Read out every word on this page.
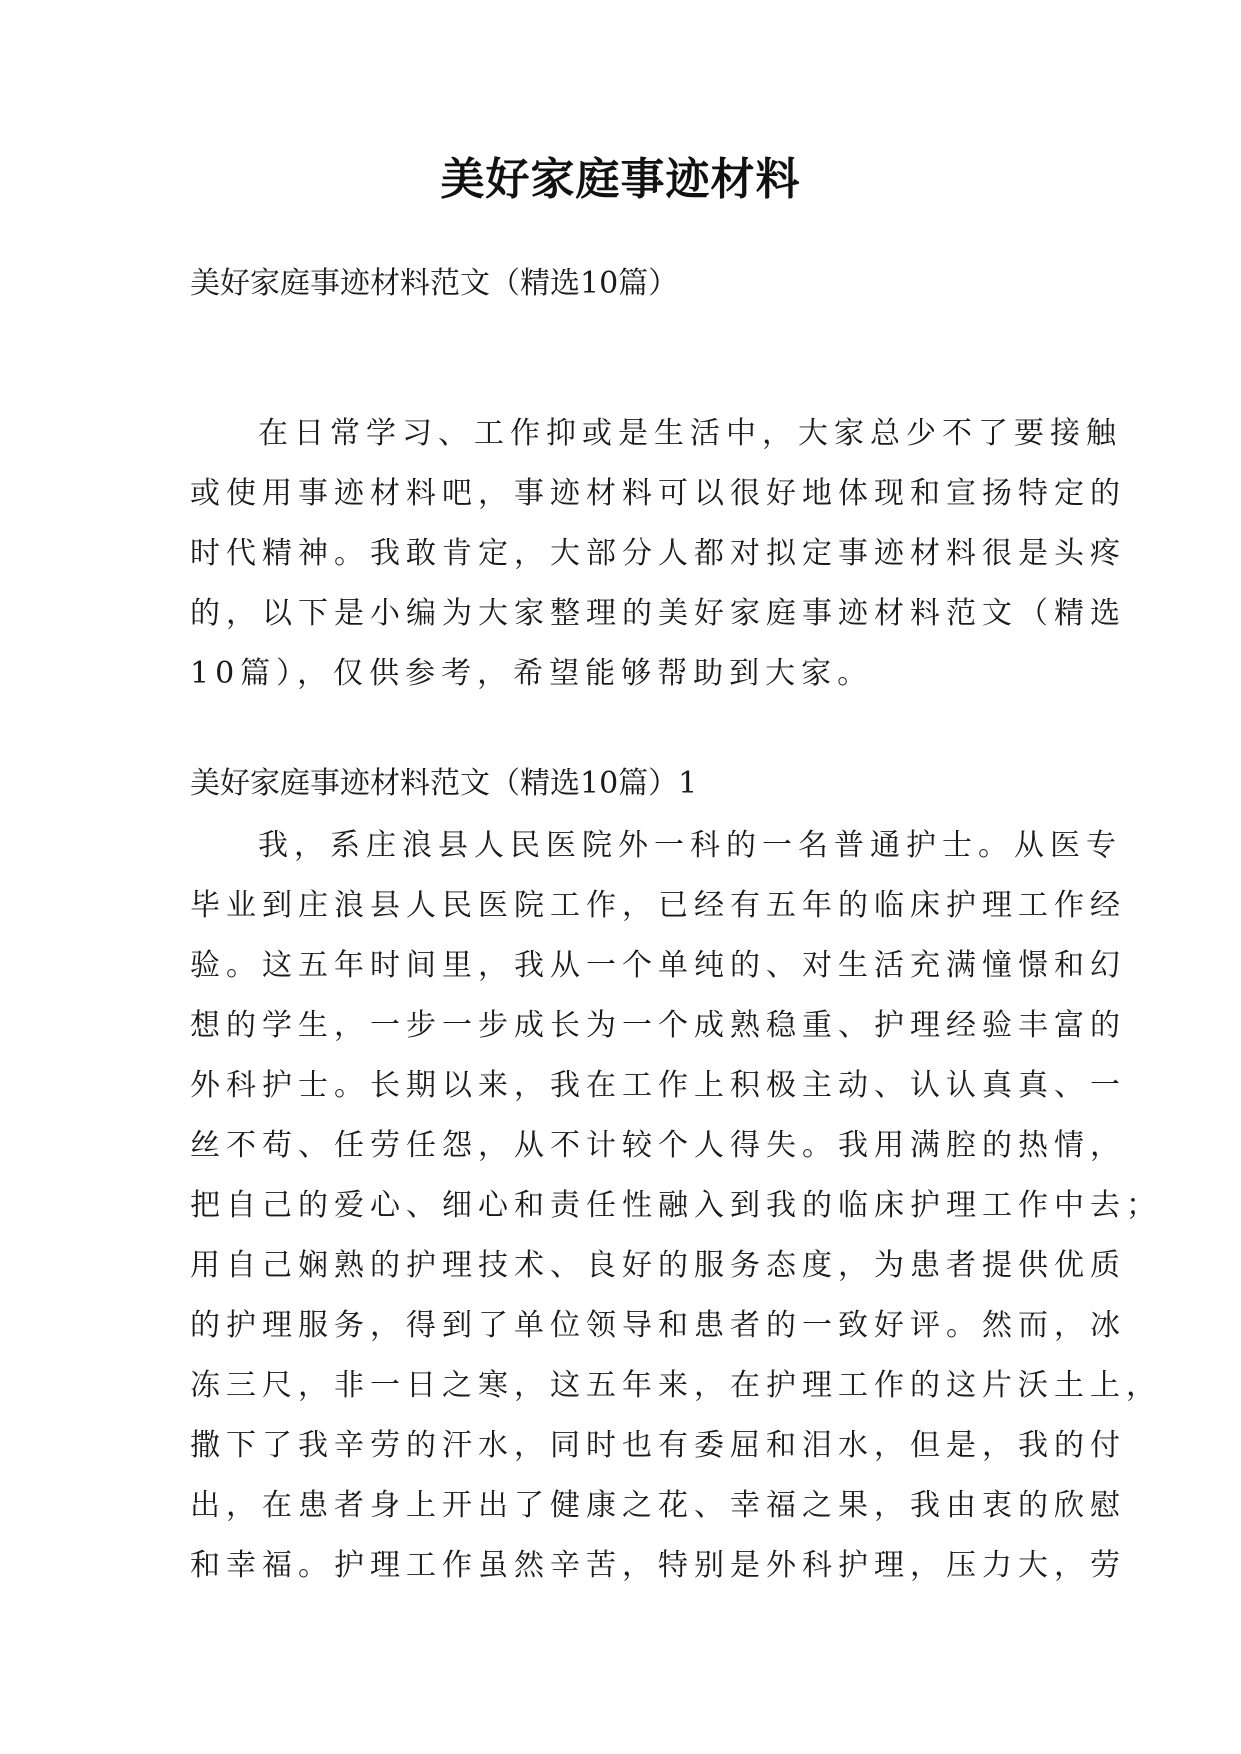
美好家庭事迹材料
美好家庭事迹材料范文（精选10篇）

在日常学习、工作抑或是生活中，大家总少不了要接触
或使用事迹材料吧，事迹材料可以很好地体现和宣扬特定的
时代精神。我敢肯定，大部分人都对拟定事迹材料很是头疼
的，以下是小编为大家整理的美好家庭事迹材料范文（精选
10篇），仅供参考，希望能够帮助到大家。

美好家庭事迹材料范文（精选10篇）1

我，系庄浪县人民医院外一科的一名普通护士。从医专
毕业到庄浪县人民医院工作，已经有五年的临床护理工作经
验。这五年时间里，我从一个单纯的、对生活充满憧憬和幻
想的学生，一步一步成长为一个成熟稳重、护理经验丰富的
外科护士。长期以来，我在工作上积极主动、认认真真、一
丝不苟、任劳任怨，从不计较个人得失。我用满腔的热情，
把自己的爱心、细心和责任性融入到我的临床护理工作中去；
用自己娴熟的护理技术、良好的服务态度，为患者提供优质
的护理服务，得到了单位领导和患者的一致好评。然而，冰
冻三尺，非一日之寒，这五年来，在护理工作的这片沃土上，
撒下了我辛劳的汗水，同时也有委屈和泪水，但是，我的付
出，在患者身上开出了健康之花、幸福之果，我由衷的欣慰
和幸福。护理工作虽然辛苦，特别是外科护理，压力大，劳
